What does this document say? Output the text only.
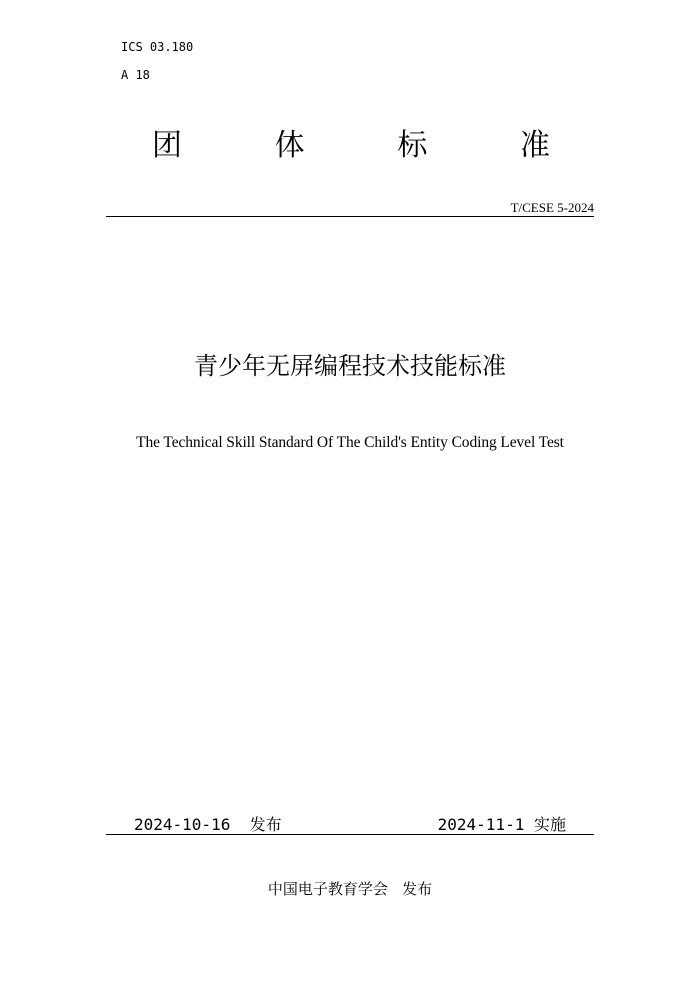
ICS 03.180
A 18
团	体	标	准
T/CESE 5-2024
青少年无屏编程技术技能标准
The Technical Skill Standard Of The Child's Entity Coding Level Test
2024-10-16 发布	2024-11-1 实施
中国电子教育学会 发布
